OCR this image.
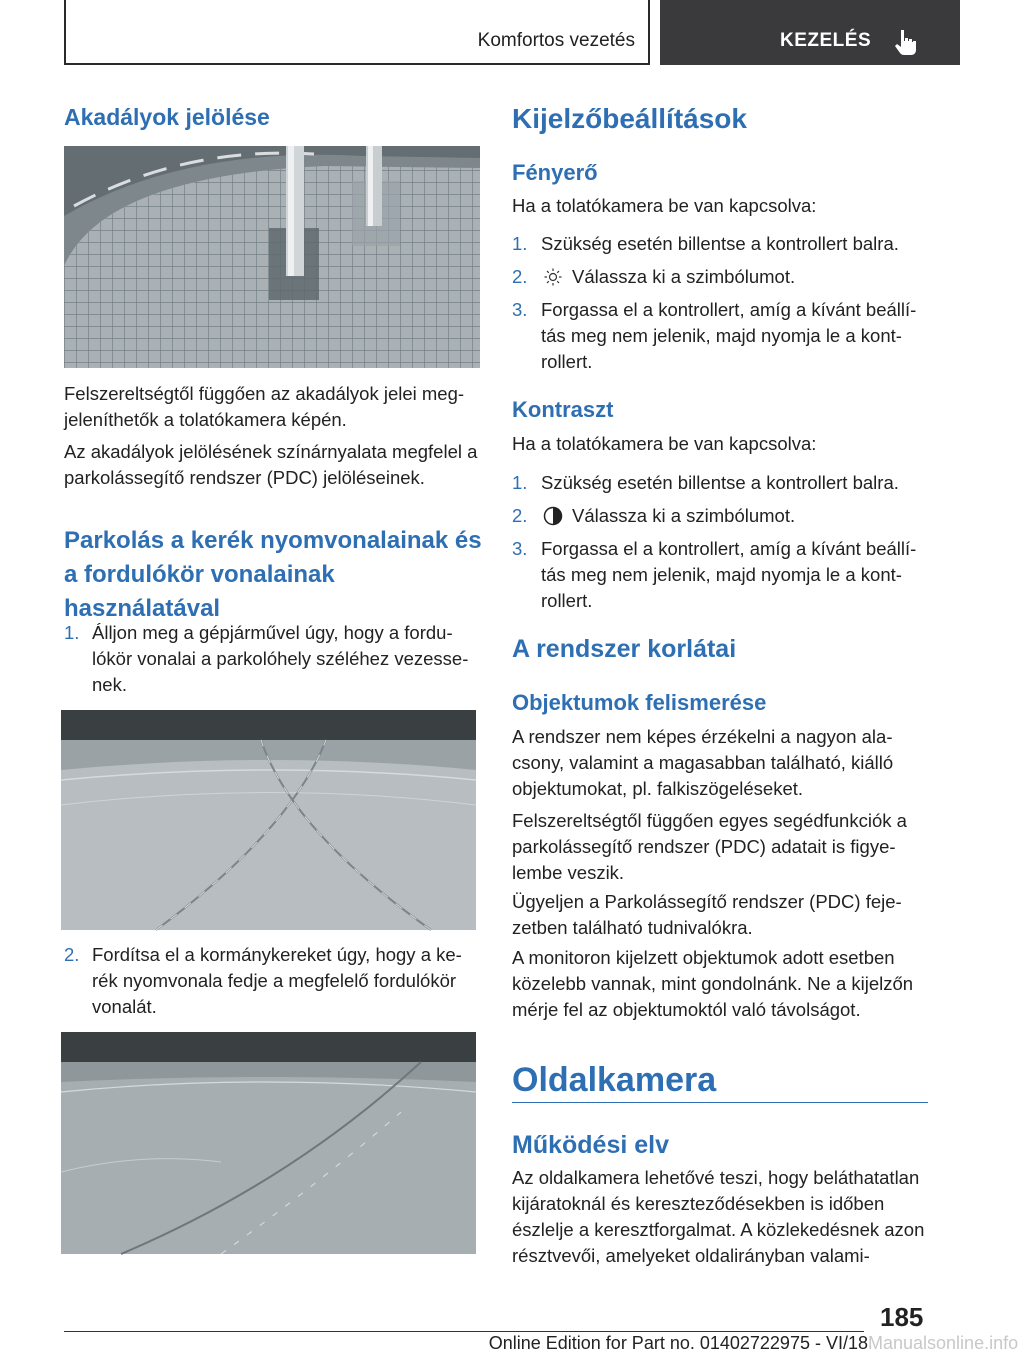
Komfortos vezetés	KEZELÉS
Akadályok jelölése

Felszereltségtől függően az akadályok jelei meg-jeleníthetők a tolatókamera képén.

Az akadályok jelölésének színárnyalata megfelel a parkolássegítő rendszer (PDC) jelöléseinek.

Parkolás a kerék nyomvonalainak és a fordulókör vonalainak használatával
1. Álljon meg a gépjárművel úgy, hogy a fordu-lókör vonalai a parkolóhely széléhez vezesse-nek.
2. Fordítsa el a kormánykereket úgy, hogy a ke-rék nyomvonala fedje a megfelelő fordulókör vonalát.
Kijelzőbeállítások
Fényerő

Ha a tolatókamera be van kapcsolva:

1. Szükség esetén billentse a kontrollert balra.
2. Válassza ki a szimbólumot.
3. Forgassa el a kontrollert, amíg a kívánt beállí-tás meg nem jelenik, majd nyomja le a kont-rollert.
Kontraszt

Ha a tolatókamera be van kapcsolva:

1. Szükség esetén billentse a kontrollert balra.
2. Válassza ki a szimbólumot.
3. Forgassa el a kontrollert, amíg a kívánt beállí-tás meg nem jelenik, majd nyomja le a kont-rollert.
A rendszer korlátai
Objektumok felismerése

A rendszer nem képes érzékelni a nagyon ala-csony, valamint a magasabban található, kiálló objektumokat, pl. falkiszögeléseket.

Felszereltségtől függően egyes segédfunkciók a parkolássegítő rendszer (PDC) adatait is figye-lembe veszik.

Ügyeljen a Parkolássegítő rendszer (PDC) feje-zetben található tudnivalókra.

A monitoron kijelzett objektumok adott esetben közelebb vannak, mint gondolnánk. Ne a kijelzőn mérje fel az objektumoktól való távolságot.

Oldalkamera
Működési elv

Az oldalkamera lehetővé teszi, hogy beláthatatlan kijáratoknál és kereszteződésekben is időben észlelje a keresztforgalmat. A közlekedésnek azon résztvevői, amelyeket oldalirányban valami-

185
Online Edition for Part no. 01402722975 - VI/18 Manualsonline.info
